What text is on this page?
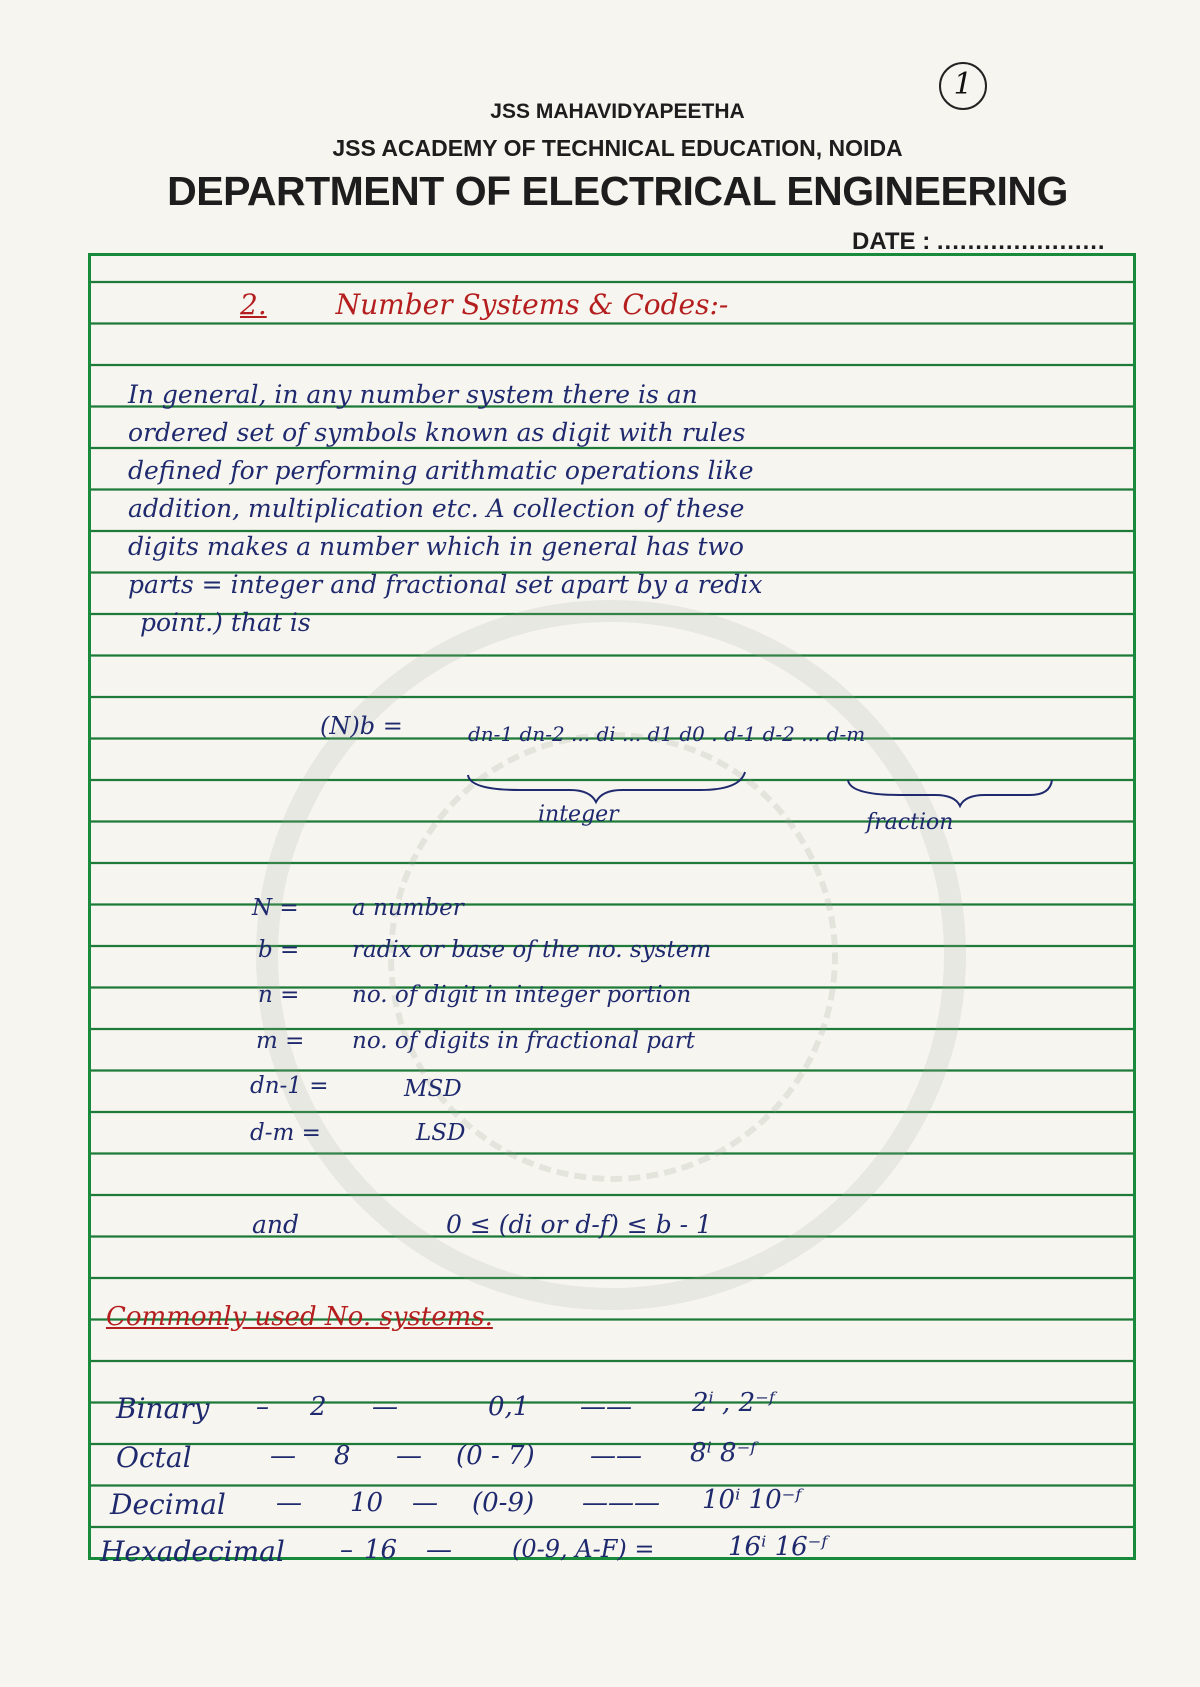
1
JSS MAHAVIDYAPEETHA
JSS ACADEMY OF TECHNICAL EDUCATION, NOIDA
DEPARTMENT OF ELECTRICAL ENGINEERING
DATE : ......................
2. Number Systems & Codes:-
In general, in any number system there is an
ordered set of symbols known as digit with rules
defined for performing arithmatic operations like
addition, multiplication etc. A collection of these
digits makes a number which in general has two
parts = integer and fractional set apart by a redix
point.) that is
(N)b =	dn-1 dn-2 ... di ... d1 d0 . d-1 d-2 ... d-m
integer	fraction
N = a number
b = radix or base of the no. system
n = no. of digit in integer portion
m = no. of digits in fractional part
dn-1 =	MSD
d-m =	LSD
and	0 ≤ (di or d-f) ≤ b - 1
Commonly used No. systems.
Binary – 2 —	0,1 —— 2ⁱ , 2⁻ᶠ
Octal	— 8 — (0 - 7) —— 8ⁱ 8⁻ᶠ
Decimal — 10 — (0-9) ——— 10ⁱ 10⁻ᶠ
Hexadecimal – 16 —	(0-9, A-F) =	16ⁱ 16⁻ᶠ
